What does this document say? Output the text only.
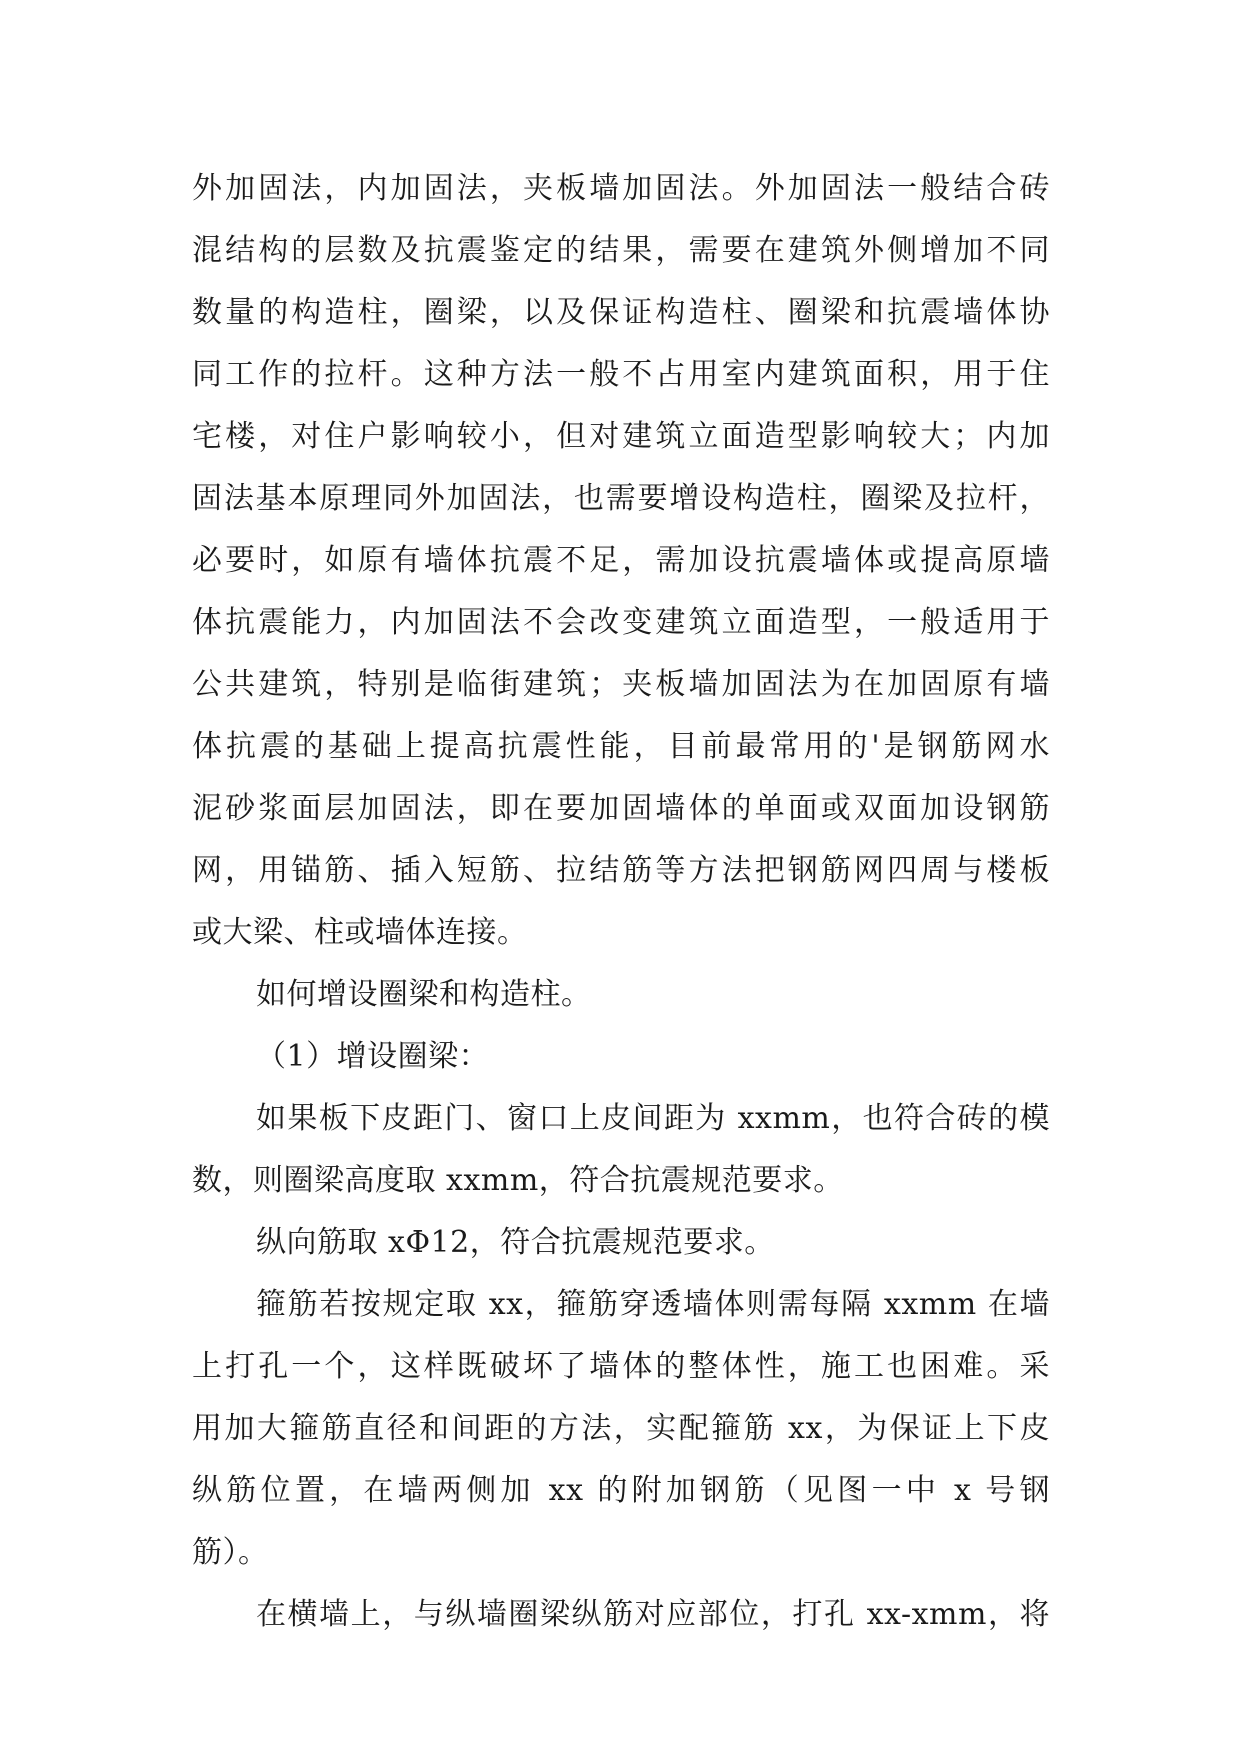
外加固法，内加固法，夹板墙加固法。外加固法一般结合砖
混结构的层数及抗震鉴定的结果，需要在建筑外侧增加不同
数量的构造柱，圈梁，以及保证构造柱、圈梁和抗震墙体协
同工作的拉杆。这种方法一般不占用室内建筑面积，用于住
宅楼，对住户影响较小，但对建筑立面造型影响较大；内加
固法基本原理同外加固法，也需要增设构造柱，圈梁及拉杆，
必要时，如原有墙体抗震不足，需加设抗震墙体或提高原墙
体抗震能力，内加固法不会改变建筑立面造型，一般适用于
公共建筑，特别是临街建筑；夹板墙加固法为在加固原有墙
体抗震的基础上提高抗震性能，目前最常用的'是钢筋网水
泥砂浆面层加固法，即在要加固墙体的单面或双面加设钢筋
网，用锚筋、插入短筋、拉结筋等方法把钢筋网四周与楼板
或大梁、柱或墙体连接。
如何增设圈梁和构造柱。
（1）增设圈梁：
如果板下皮距门、窗口上皮间距为 xxmm，也符合砖的模
数，则圈梁高度取 xxmm，符合抗震规范要求。
纵向筋取 xΦ12，符合抗震规范要求。
箍筋若按规定取 xx，箍筋穿透墙体则需每隔 xxmm 在墙
上打孔一个，这样既破坏了墙体的整体性，施工也困难。采
用加大箍筋直径和间距的方法，实配箍筋 xx，为保证上下皮
纵筋位置，在墙两侧加 xx 的附加钢筋（见图一中 x 号钢
筋）。
在横墙上，与纵墙圈梁纵筋对应部位，打孔 xx-xmm，将
